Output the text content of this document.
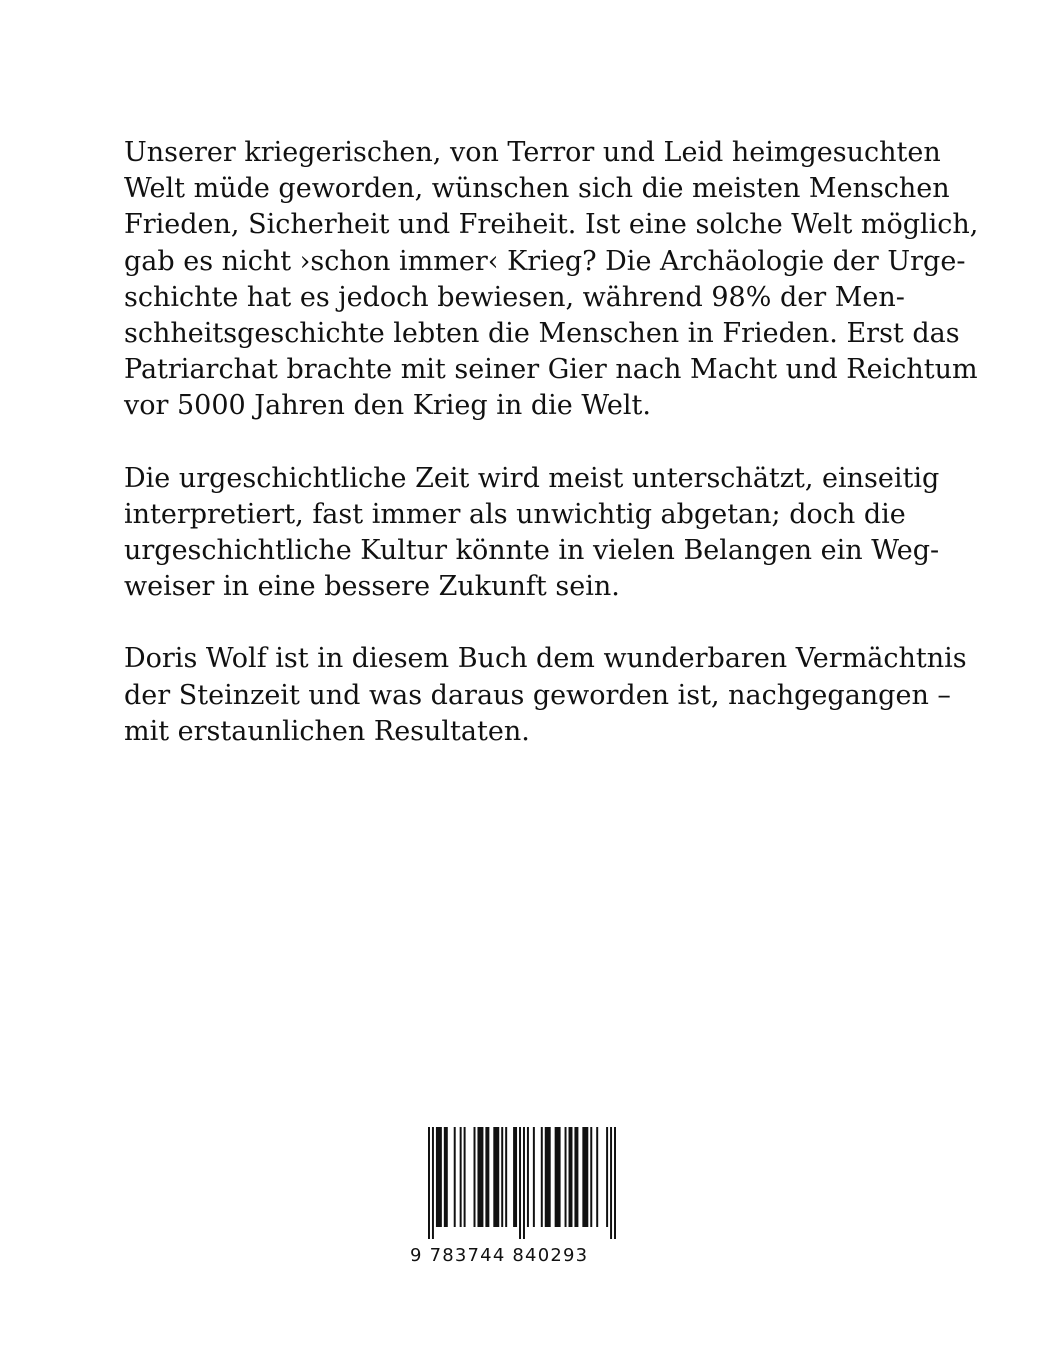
Unserer kriegerischen, von Terror und Leid heimgesuchten
Welt müde geworden, wünschen sich die meisten Menschen
Frieden, Sicherheit und Freiheit. Ist eine solche Welt möglich,
gab es nicht ›schon immer‹ Krieg? Die Archäologie der Urge-
schichte hat es jedoch bewiesen, während 98% der Men-
schheitsgeschichte lebten die Menschen in Frieden. Erst das
Patriarchat brachte mit seiner Gier nach Macht und Reichtum
vor 5000 Jahren den Krieg in die Welt.

Die urgeschichtliche Zeit wird meist unterschätzt, einseitig
interpretiert, fast immer als unwichtig abgetan; doch die
urgeschichtliche Kultur könnte in vielen Belangen ein Weg-
weiser in eine bessere Zukunft sein.

Doris Wolf ist in diesem Buch dem wunderbaren Vermächtnis
der Steinzeit und was daraus geworden ist, nachgegangen –
mit erstaunlichen Resultaten.

9 783744 840293
